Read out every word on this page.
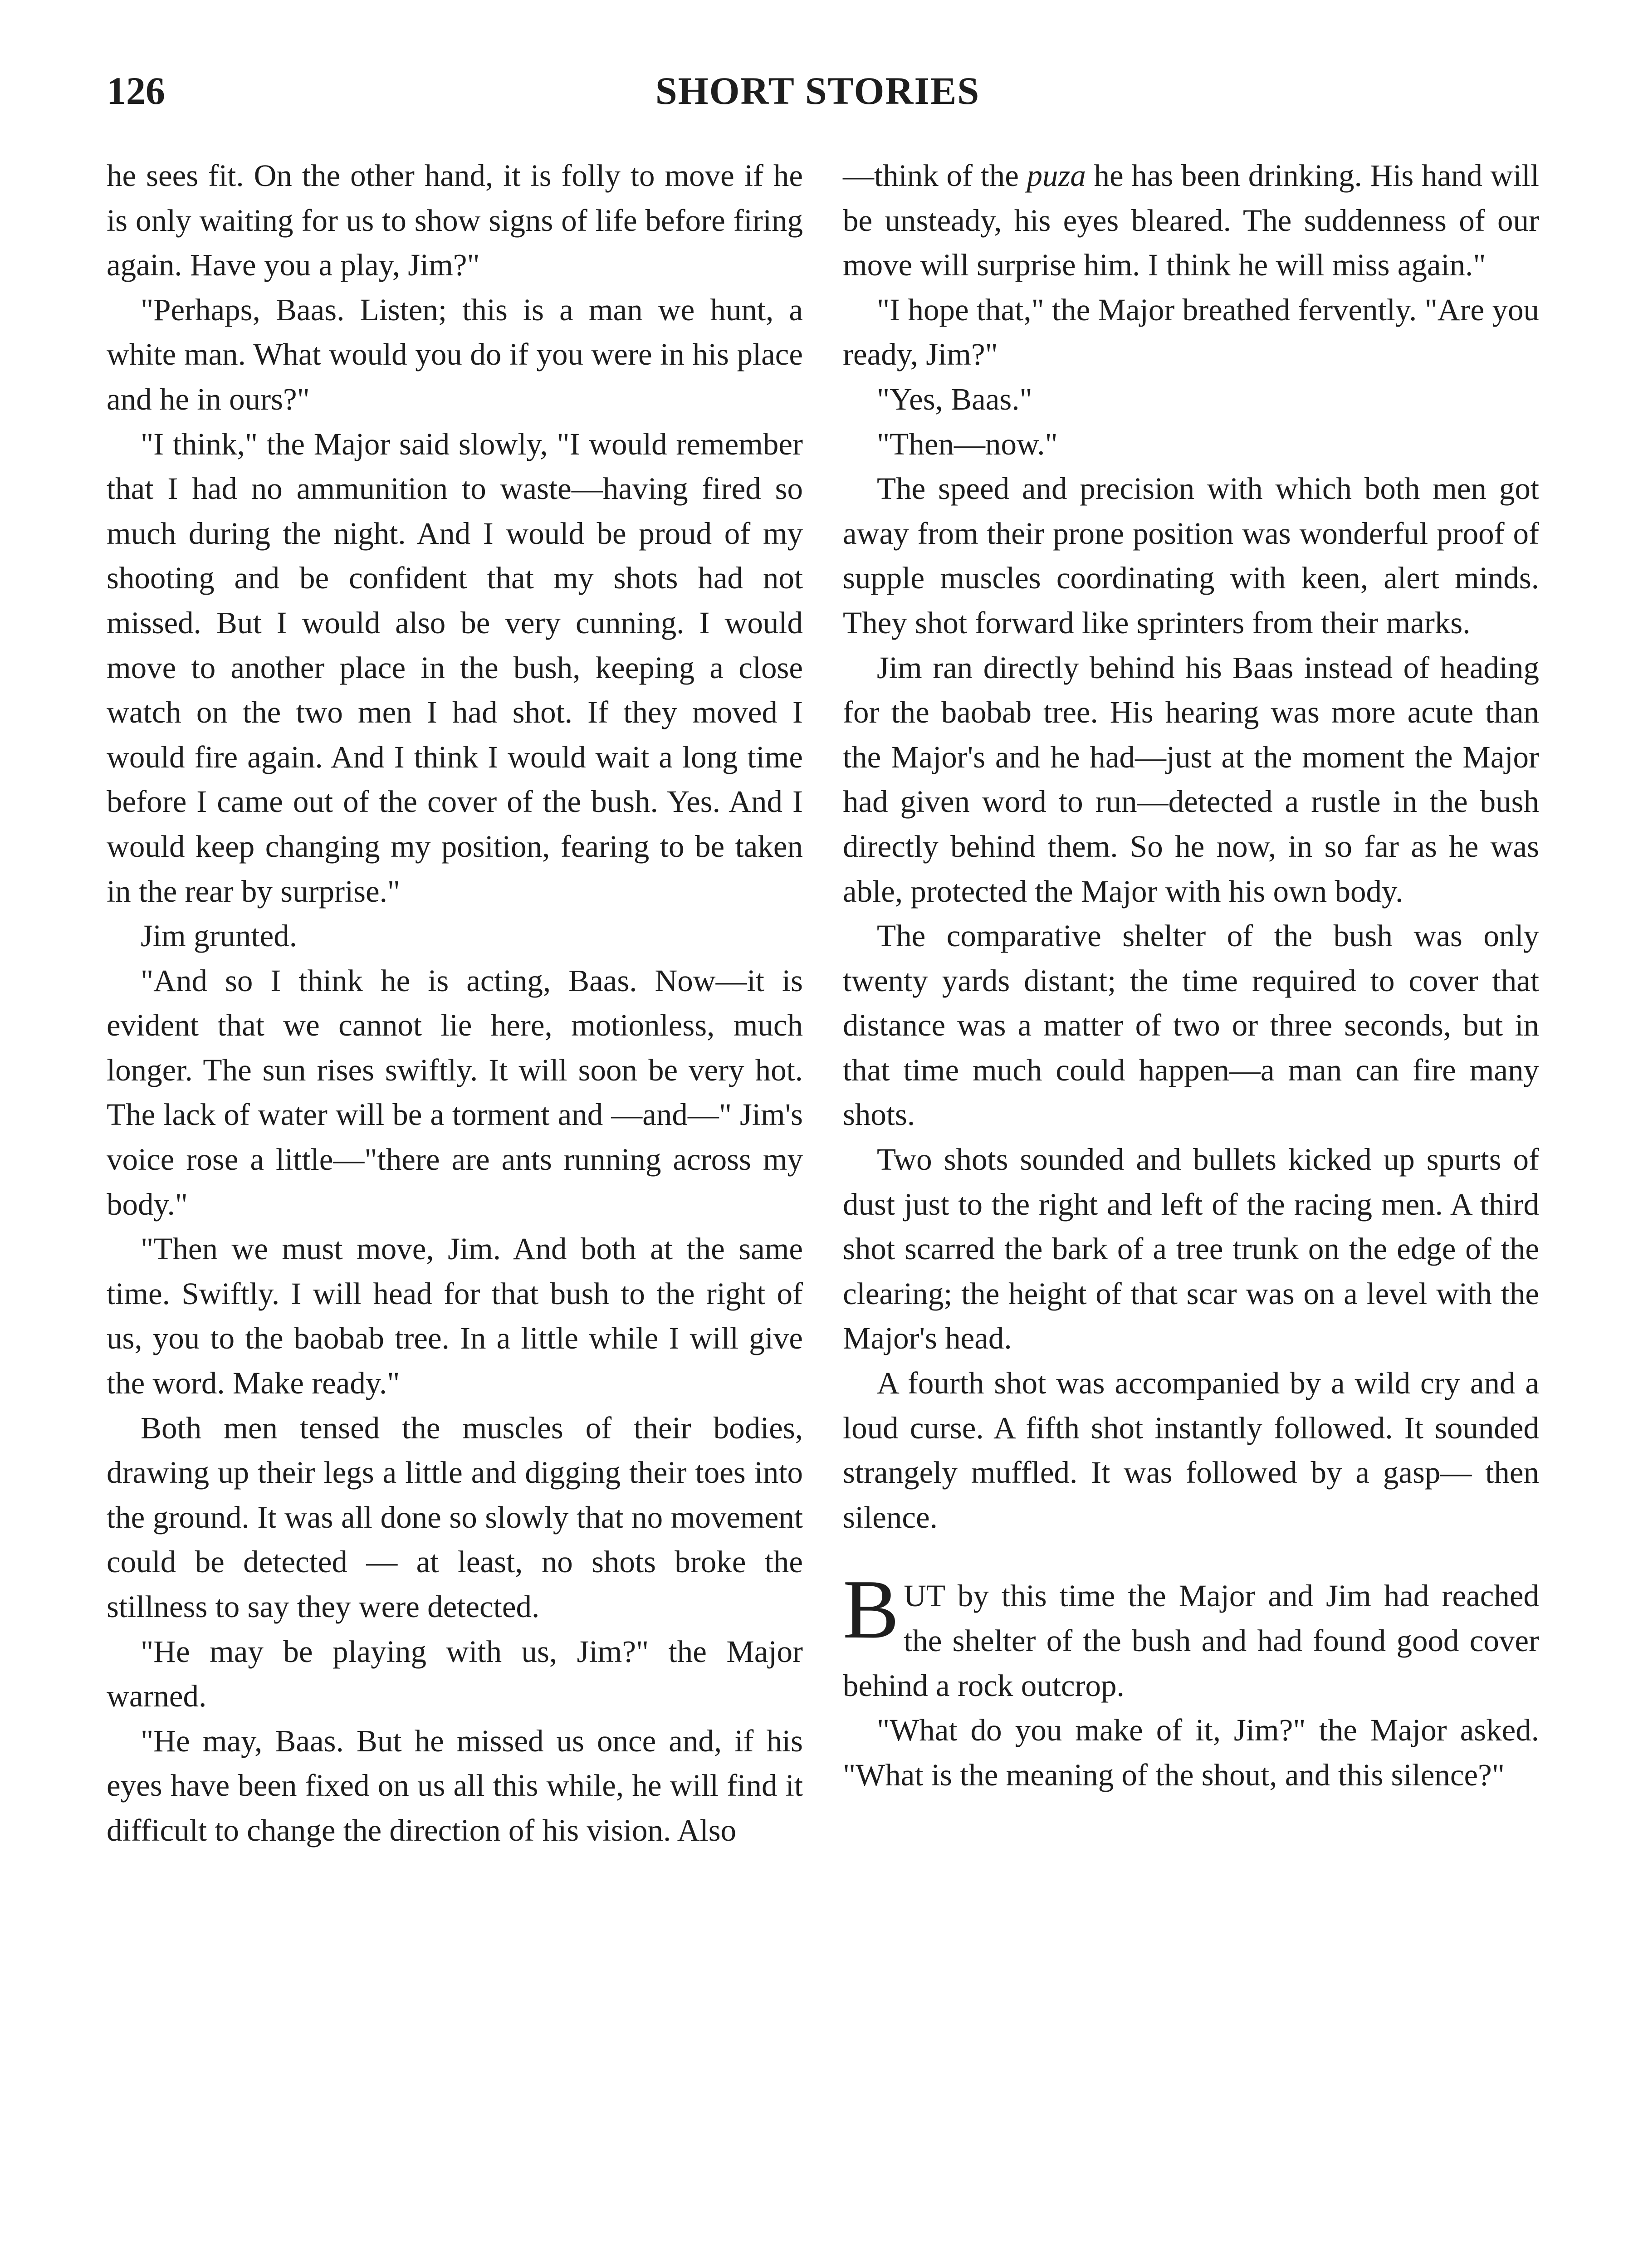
126	SHORT STORIES

he sees fit. On the other hand, it is folly to move if he is only waiting for us to show signs of life before firing again. Have you a play, Jim?"

"Perhaps, Baas. Listen; this is a man we hunt, a white man. What would you do if you were in his place and he in ours?"

"I think," the Major said slowly, "I would remember that I had no ammunition to waste—having fired so much during the night. And I would be proud of my shooting and be confident that my shots had not missed. But I would also be very cunning. I would move to another place in the bush, keeping a close watch on the two men I had shot. If they moved I would fire again. And I think I would wait a long time before I came out of the cover of the bush. Yes. And I would keep changing my position, fearing to be taken in the rear by surprise."

Jim grunted.

"And so I think he is acting, Baas. Now—it is evident that we cannot lie here, motionless, much longer. The sun rises swiftly. It will soon be very hot. The lack of water will be a torment and —and—" Jim's voice rose a little—"there are ants running across my body."

"Then we must move, Jim. And both at the same time. Swiftly. I will head for that bush to the right of us, you to the baobab tree. In a little while I will give the word. Make ready."

Both men tensed the muscles of their bodies, drawing up their legs a little and digging their toes into the ground. It was all done so slowly that no movement could be detected — at least, no shots broke the stillness to say they were detected.

"He may be playing with us, Jim?" the Major warned.

"He may, Baas. But he missed us once and, if his eyes have been fixed on us all this while, he will find it difficult to change the direction of his vision. Also

—think of the puza he has been drinking. His hand will be unsteady, his eyes bleared. The suddenness of our move will surprise him. I think he will miss again."

"I hope that," the Major breathed fervently. "Are you ready, Jim?"

"Yes, Baas."

"Then—now."

The speed and precision with which both men got away from their prone position was wonderful proof of supple muscles coordinating with keen, alert minds. They shot forward like sprinters from their marks.

Jim ran directly behind his Baas instead of heading for the baobab tree. His hearing was more acute than the Major's and he had—just at the moment the Major had given word to run—detected a rustle in the bush directly behind them. So he now, in so far as he was able, protected the Major with his own body.

The comparative shelter of the bush was only twenty yards distant; the time required to cover that distance was a matter of two or three seconds, but in that time much could happen—a man can fire many shots.

Two shots sounded and bullets kicked up spurts of dust just to the right and left of the racing men. A third shot scarred the bark of a tree trunk on the edge of the clearing; the height of that scar was on a level with the Major's head.

A fourth shot was accompanied by a wild cry and a loud curse. A fifth shot instantly followed. It sounded strangely muffled. It was followed by a gasp— then silence.

BUT by this time the Major and Jim had reached the shelter of the bush and had found good cover behind a rock outcrop.

"What do you make of it, Jim?" the Major asked. "What is the meaning of the shout, and this silence?"
